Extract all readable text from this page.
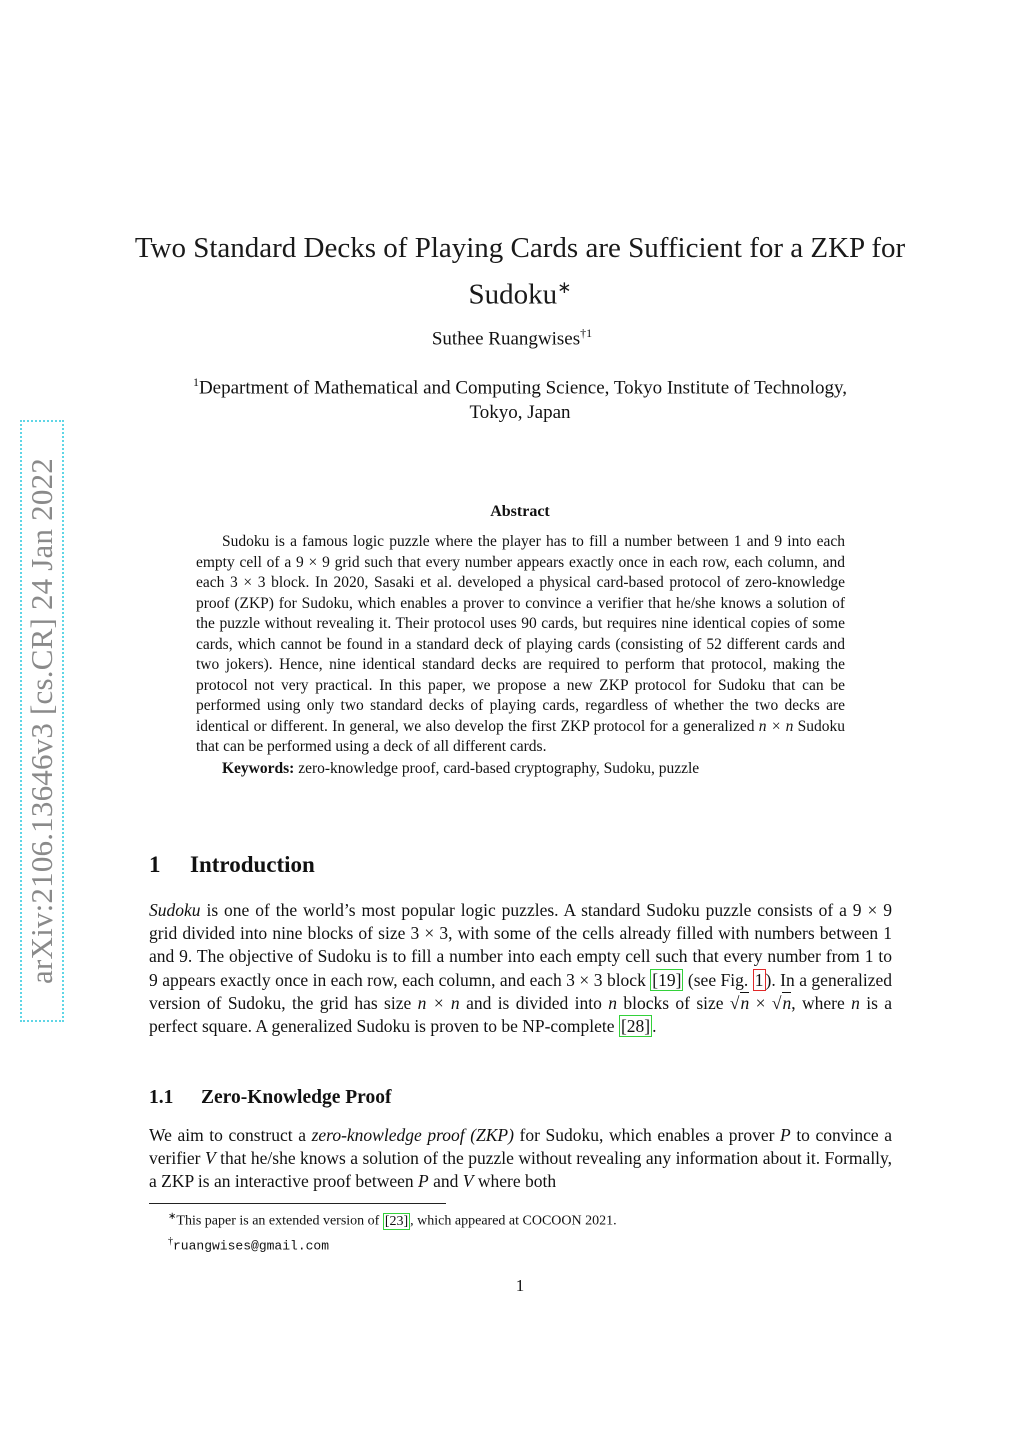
arXiv:2106.13646v3 [cs.CR] 24 Jan 2022
Two Standard Decks of Playing Cards are Sufficient for a ZKP for Sudoku∗
Suthee Ruangwises$^{\dagger 1}$
$^1$Department of Mathematical and Computing Science, Tokyo Institute of Technology, Tokyo, Japan
Abstract

Sudoku is a famous logic puzzle where the player has to fill a number between 1 and 9 into each empty cell of a 9 × 9 grid such that every number appears exactly once in each row, each column, and each 3 × 3 block. In 2020, Sasaki et al. developed a physical card-based protocol of zero-knowledge proof (ZKP) for Sudoku, which enables a prover to convince a verifier that he/she knows a solution of the puzzle without revealing it. Their protocol uses 90 cards, but requires nine identical copies of some cards, which cannot be found in a standard deck of playing cards (consisting of 52 different cards and two jokers). Hence, nine identical standard decks are required to perform that protocol, making the protocol not very practical. In this paper, we propose a new ZKP protocol for Sudoku that can be performed using only two standard decks of playing cards, regardless of whether the two decks are identical or different. In general, we also develop the first ZKP protocol for a generalized n × n Sudoku that can be performed using a deck of all different cards.

Keywords: zero-knowledge proof, card-based cryptography, Sudoku, puzzle
1 Introduction

Sudoku is one of the world’s most popular logic puzzles. A standard Sudoku puzzle consists of a 9 × 9 grid divided into nine blocks of size 3 × 3, with some of the cells already filled with numbers between 1 and 9. The objective of Sudoku is to fill a number into each empty cell such that every number from 1 to 9 appears exactly once in each row, each column, and each 3 × 3 block [19] (see Fig. 1 ). In a generalized version of Sudoku, the grid has size n × n and is divided into n blocks of size √n × √n, where n is a perfect square. A generalized Sudoku is proven to be NP-complete [28] .

1.1 Zero-Knowledge Proof

We aim to construct a zero-knowledge proof (ZKP) for Sudoku, which enables a prover P to convince a verifier V that he/she knows a solution of the puzzle without revealing any information about it. Formally, a ZKP is an interactive proof between P and V where both

∗This paper is an extended version of [23] , which appeared at COCOON 2021.
†ruangwises@gmail.com
1
